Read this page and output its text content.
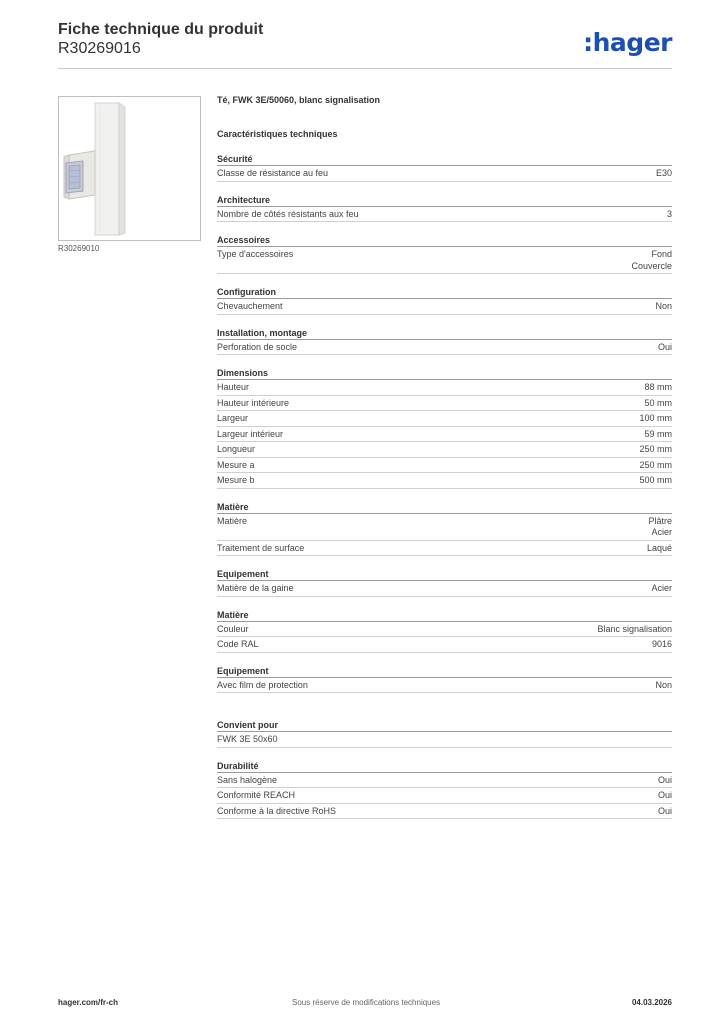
Fiche technique du produit
R30269016	:hager
R30269010
Té, FWK 3E/50060, blanc signalisation
Caractéristiques techniques
Sécurité
Classe de résistance au feu	E30
Architecture
Nombre de côtés résistants aux feu	3
Accessoires
Type d'accessoires	Fond
Couvercle
Configuration
Chevauchement	Non
Installation, montage
Perforation de socle	Oui
Dimensions
Hauteur	88 mm
Hauteur intérieure	50 mm
Largeur	100 mm
Largeur intérieur	59 mm
Longueur	250 mm
Mesure a	250 mm
Mesure b	500 mm
Matière
Matière	Plâtre
Acier
Traitement de surface	Laqué
Equipement
Matière de la gaine	Acier
Matière
Couleur	Blanc signalisation
Code RAL	9016
Equipement
Avec film de protection	Non
Convient pour
FWK 3E 50x60
Durabilité
Sans halogène	Oui
Conformité REACH	Oui
Conforme à la directive RoHS	Oui
hager.com/fr-ch	Sous réserve de modifications techniques	04.03.2026
